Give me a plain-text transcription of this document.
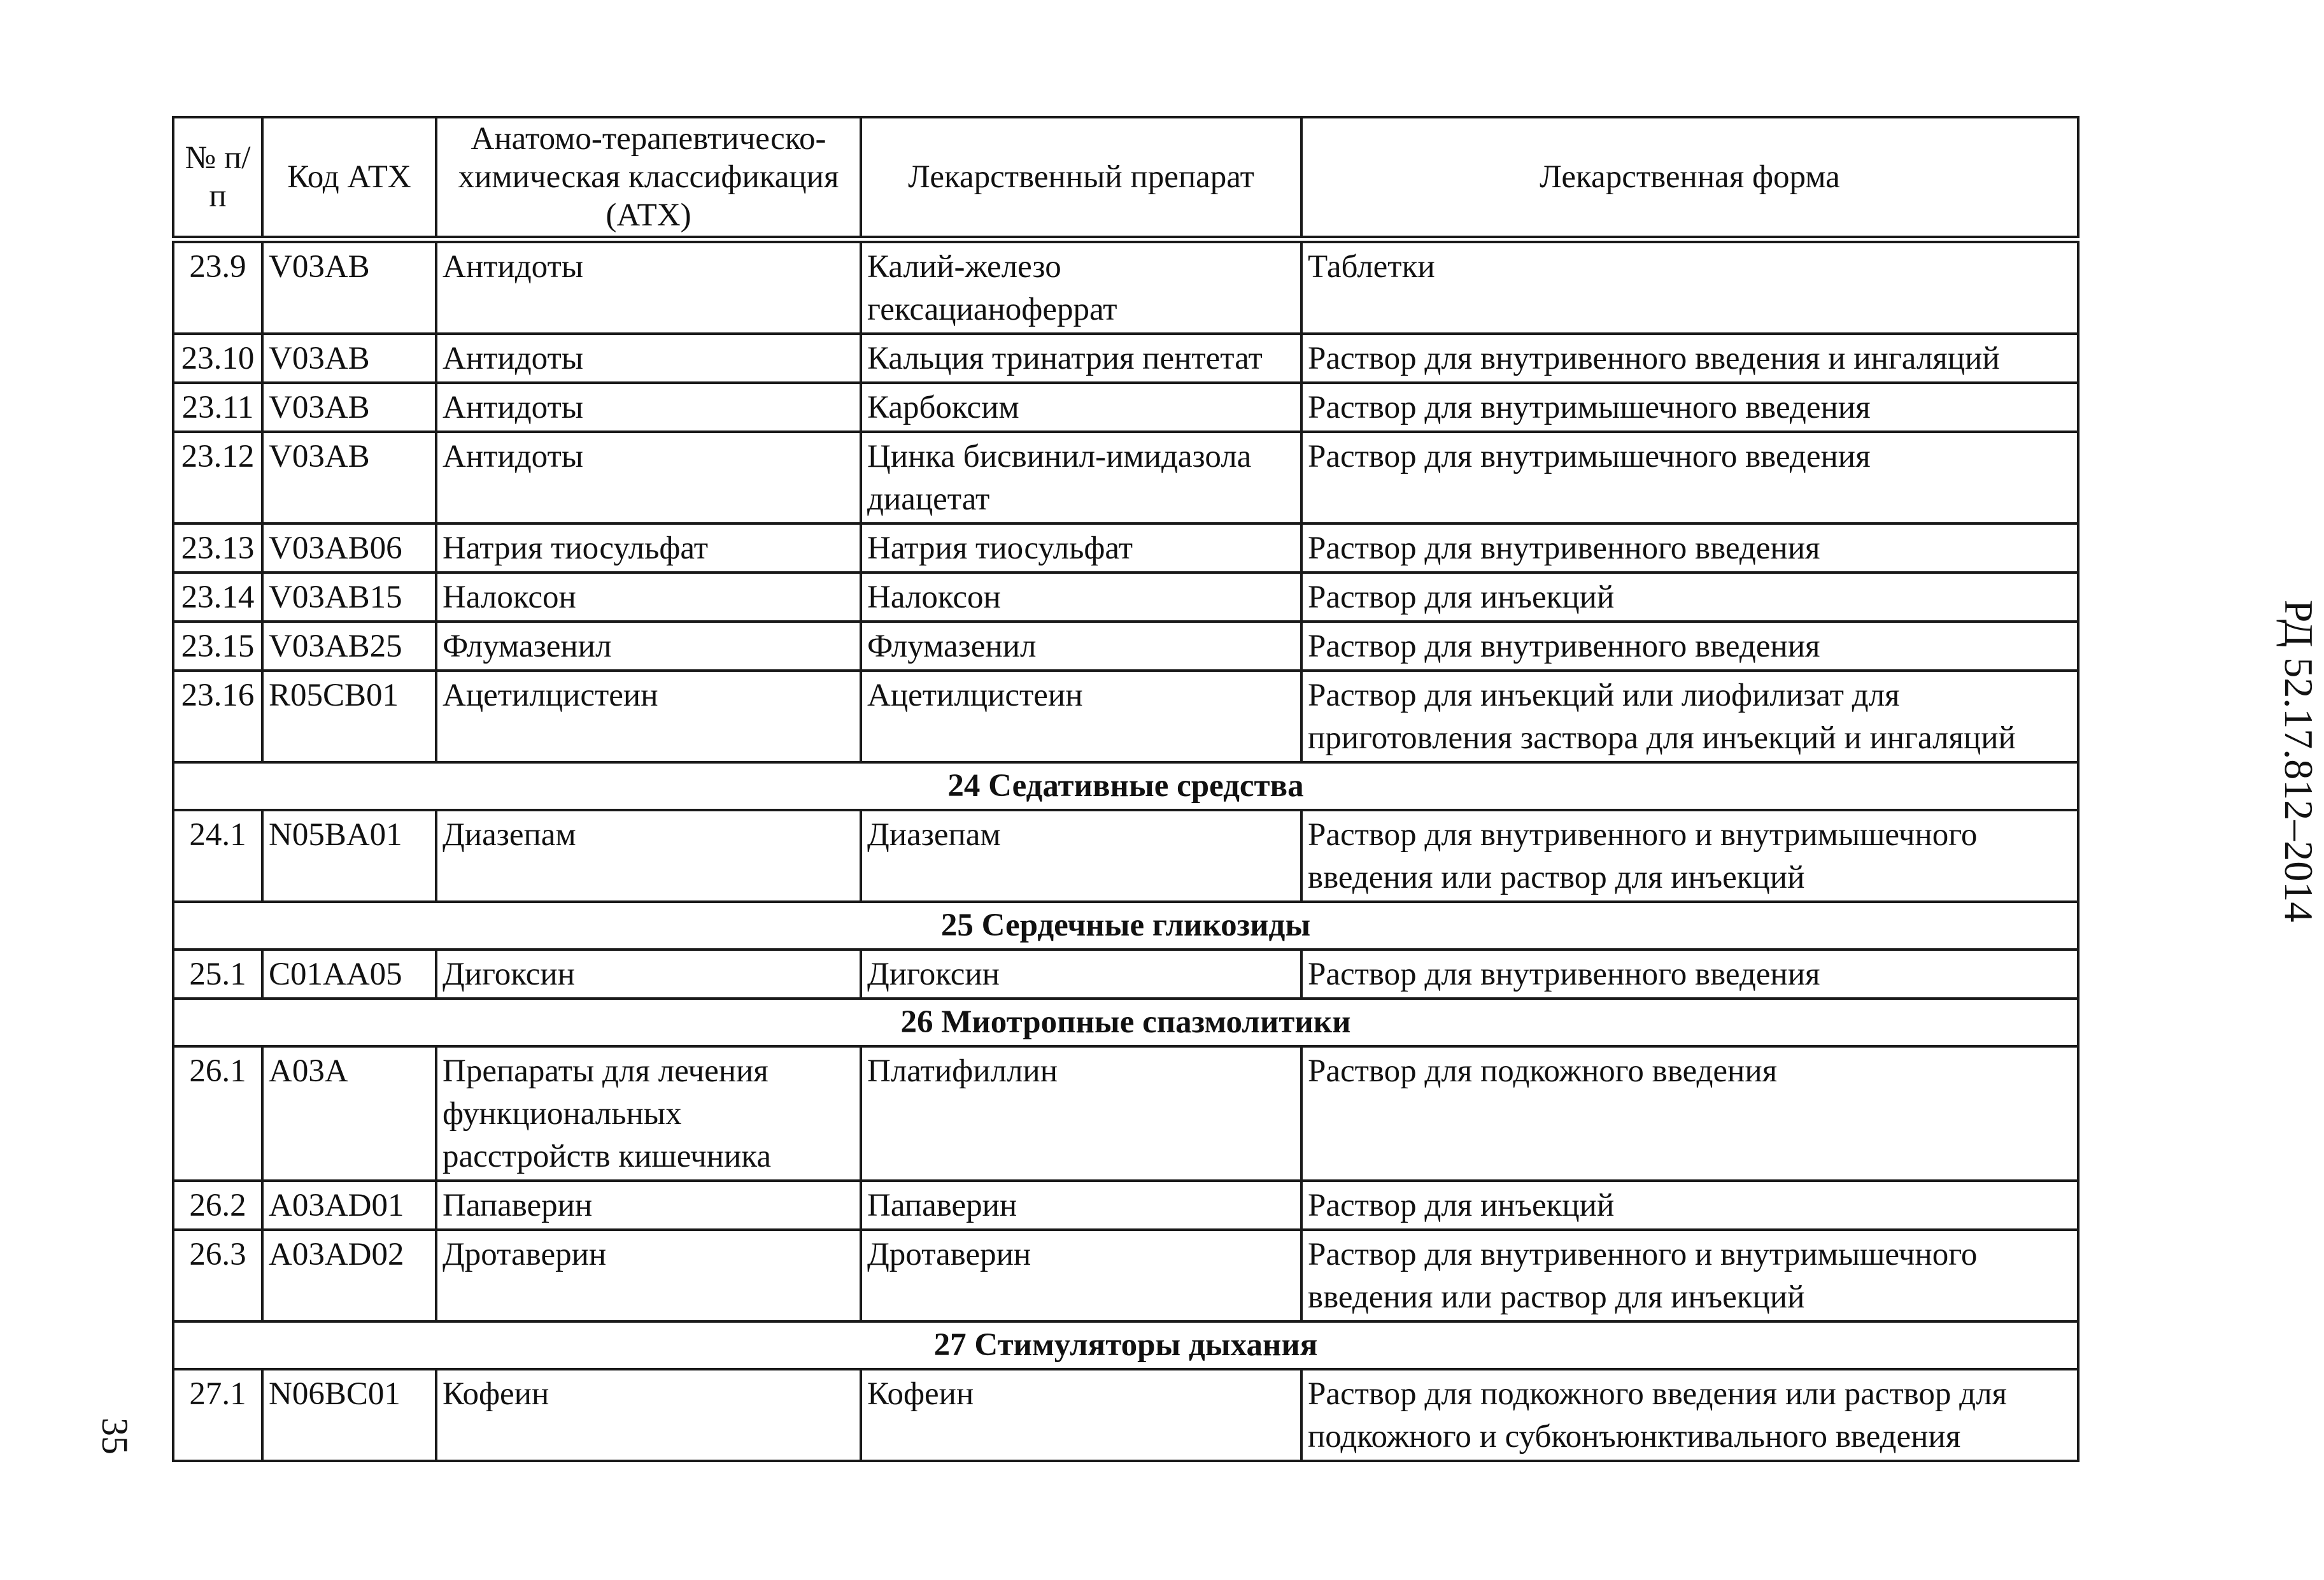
№ п/п	Код АТХ	Анатомо-терапевтическо-химическая классификация (АТХ)	Лекарственный препарат	Лекарственная форма
23.9	V03AB	Антидоты	Калий-железо гексацианоферрат	Таблетки
23.10	V03AB	Антидоты	Кальция тринатрия пентетат	Раствор для внутривенного введения и ингаляций
23.11	V03AB	Антидоты	Карбоксим	Раствор для внутримышечного введения
23.12	V03AB	Антидоты	Цинка бисвинил-имидазола диацетат	Раствор для внутримышечного введения
23.13	V03AB06	Натрия тиосульфат	Натрия тиосульфат	Раствор для внутривенного введения
23.14	V03AB15	Налоксон	Налоксон	Раствор для инъекций
23.15	V03AB25	Флумазенил	Флумазенил	Раствор для внутривенного введения
23.16	R05CB01	Ацетилцистеин	Ацетилцистеин	Раствор для инъекций или лиофилизат для приготовления заствора для инъекций и ингаляций
24 Седативные средства				
24.1	N05BA01	Диазепам	Диазепам	Раствор для внутривенного и внутримышечного введения или раствор для инъекций
25 Сердечные гликозиды				
25.1	C01AA05	Дигоксин	Дигоксин	Раствор для внутривенного введения
26 Миотропные спазмолитики				
26.1	A03A	Препараты для лечения функциональных расстройств кишечника	Платифиллин	Раствор для подкожного введения
26.2	A03AD01	Папаверин	Папаверин	Раствор для инъекций
26.3	A03AD02	Дротаверин	Дротаверин	Раствор для внутривенного и внутримышечного введения или раствор для инъекций
27 Стимуляторы дыхания				
27.1	N06BC01	Кофеин	Кофеин	Раствор для подкожного введения или раствор для подкожного и субконъюнктивального введения
РД 52.17.812–2014
35
